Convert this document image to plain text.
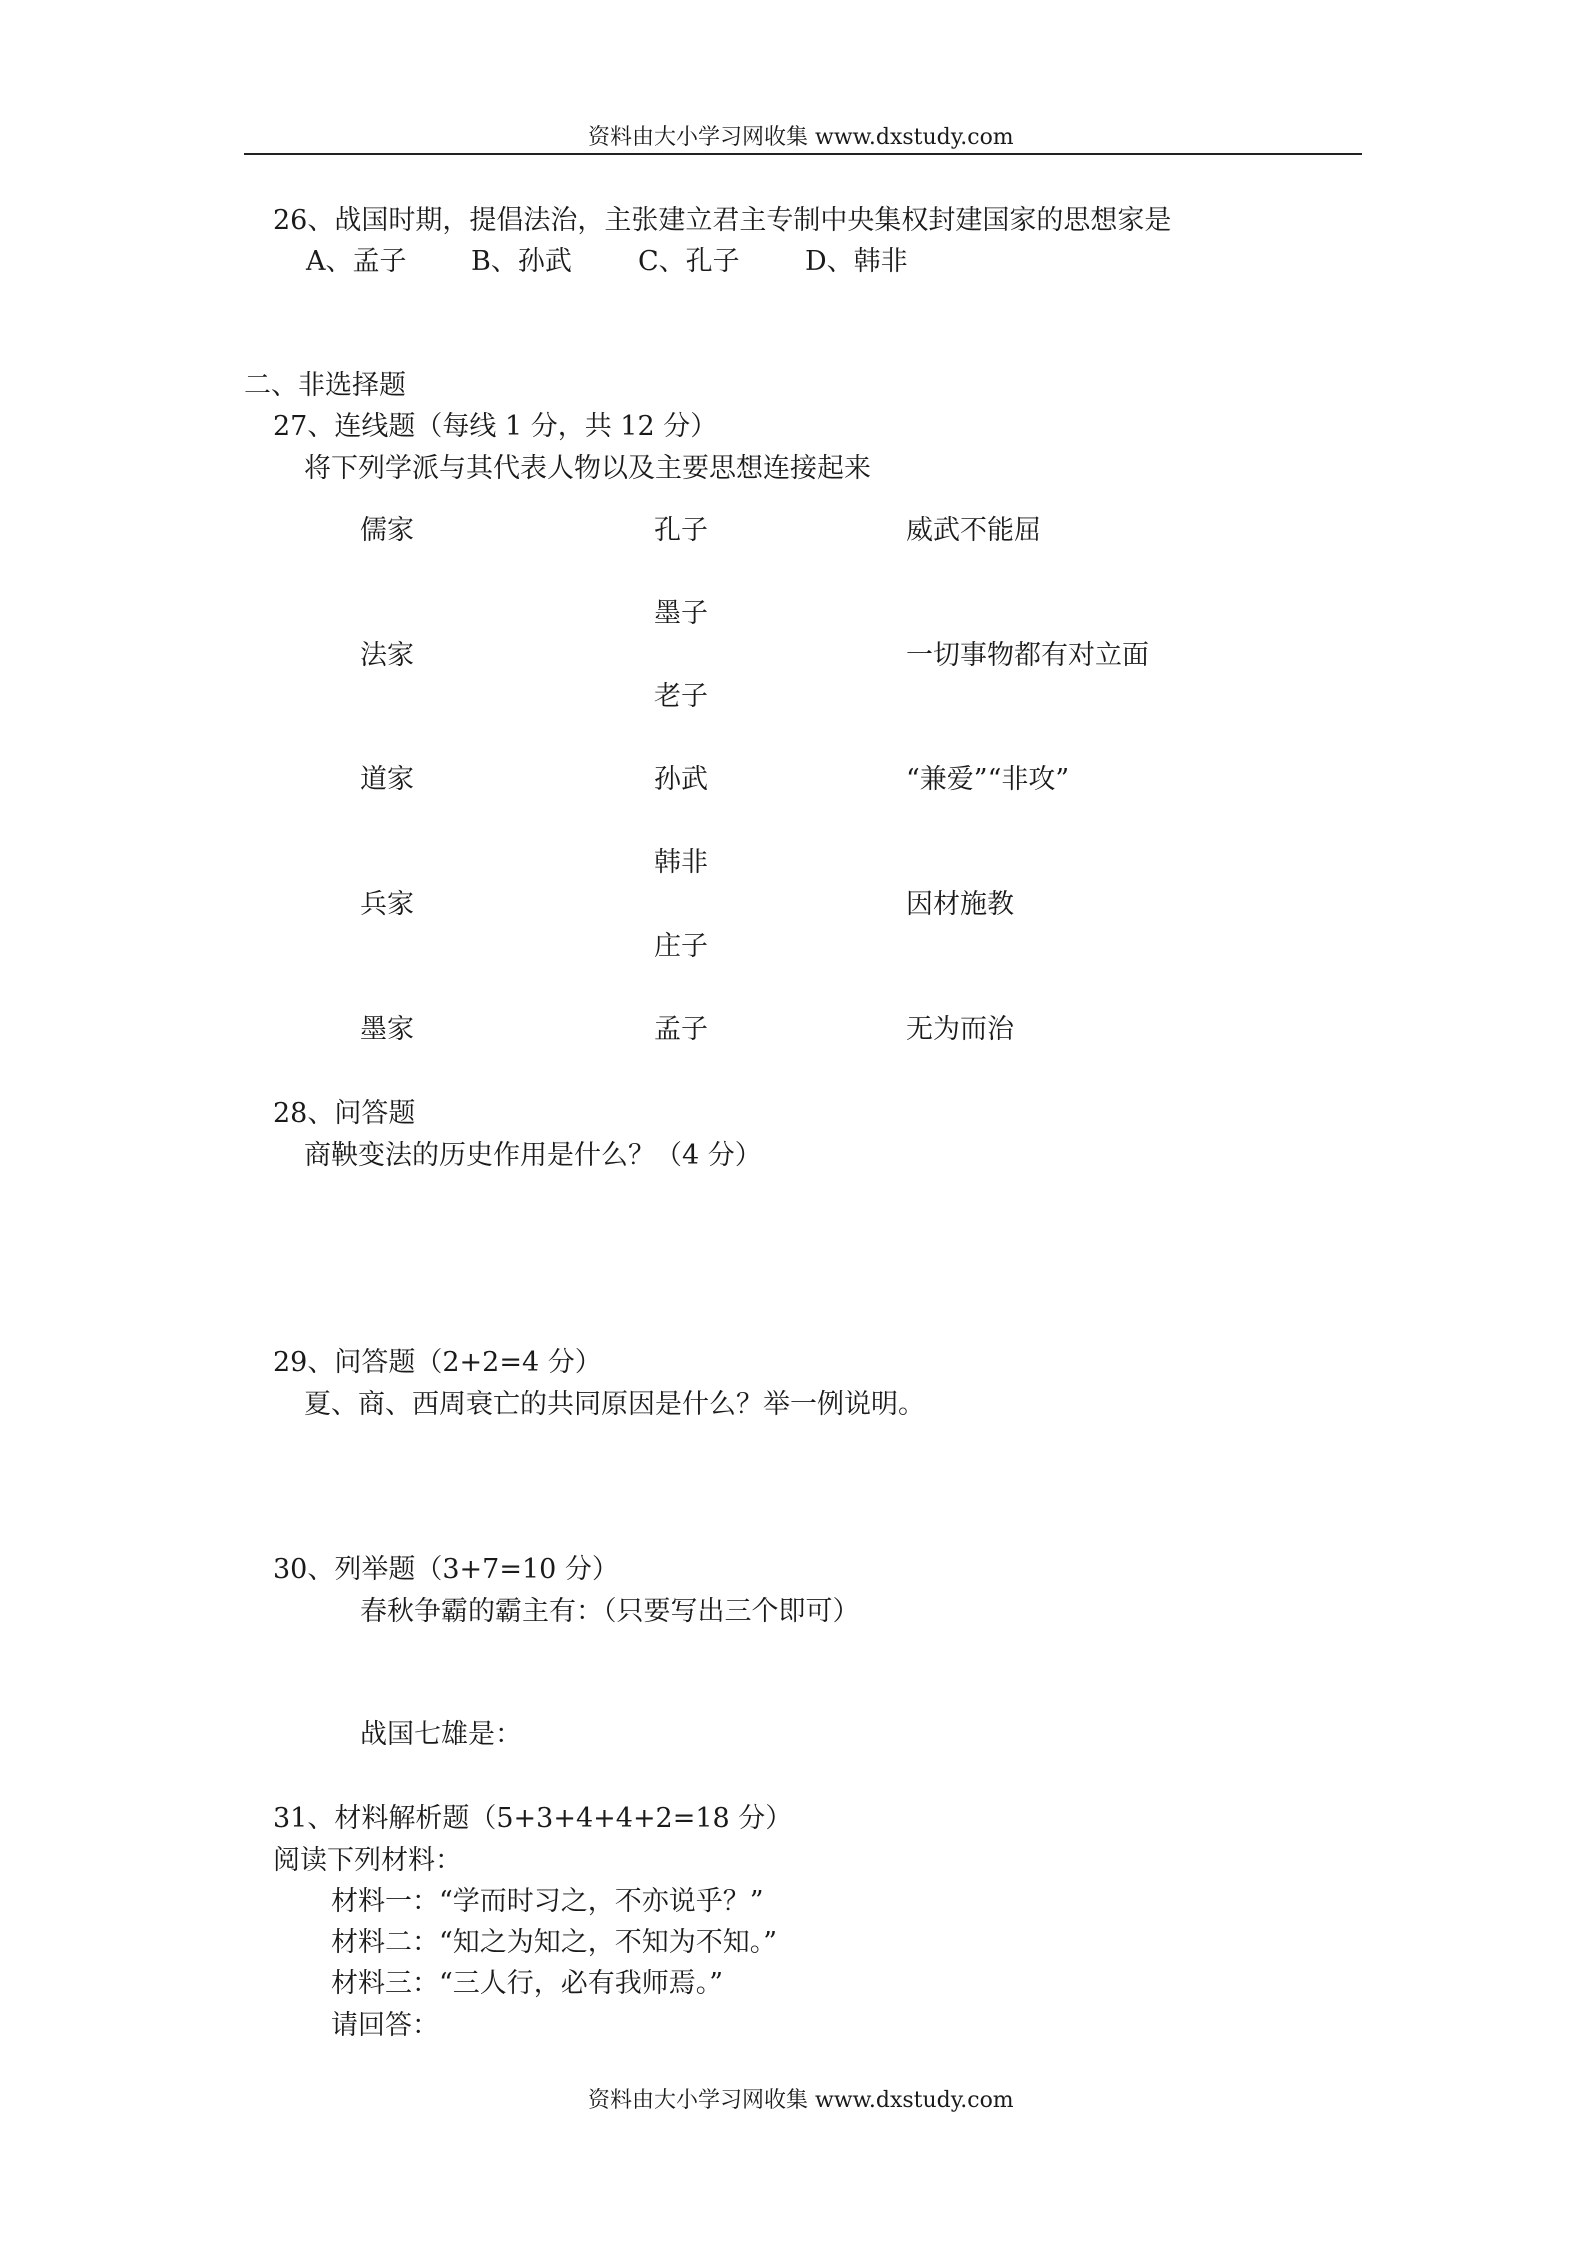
资料由大小学习网收集 www.dxstudy.com
26、战国时期，提倡法治，主张建立君主专制中央集权封建国家的思想家是
A、孟子 B、孙武 C、孔子 D、韩非
二、非选择题
27、连线题（每线 1 分，共 12 分）
将下列学派与其代表人物以及主要思想连接起来
儒家
法家
道家
兵家
墨家
孔子
墨子
老子
孙武
韩非
庄子
孟子
威武不能屈
一切事物都有对立面
“兼爱”“非攻”
因材施教
无为而治
28、问答题
商鞅变法的历史作用是什么？（4 分）
29、问答题（2+2=4 分）
夏、商、西周衰亡的共同原因是什么？举一例说明。
30、列举题（3+7=10 分）
春秋争霸的霸主有：（只要写出三个即可）
战国七雄是：
31、材料解析题（5+3+4+4+2=18 分）
阅读下列材料：
材料一：“学而时习之，不亦说乎？”
材料二：“知之为知之，不知为不知。”
材料三：“三人行，必有我师焉。”
请回答：
资料由大小学习网收集 www.dxstudy.com
